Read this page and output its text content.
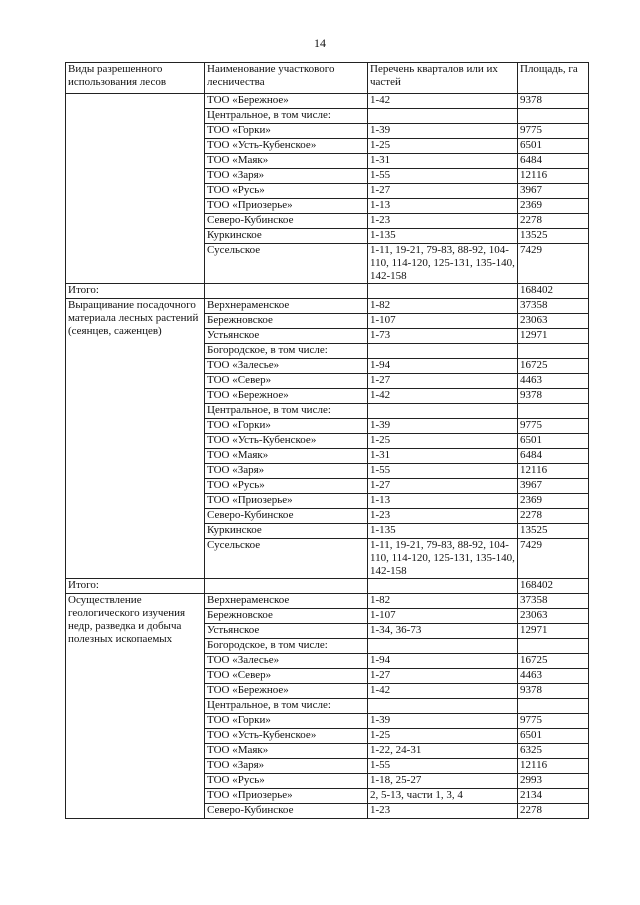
14
Виды разрешенного использования лесов	Наименование участкового лесничества	Перечень кварталов или их частей	Площадь, га
	ТОО «Бережное»	1-42	9378
	Центральное, в том числе:		
	ТОО «Горки»	1-39	9775
	ТОО «Усть-Кубенское»	1-25	6501
	ТОО «Маяк»	1-31	6484
	ТОО «Заря»	1-55	12116
	ТОО «Русь»	1-27	3967
	ТОО «Приозерье»	1-13	2369
	Северо-Кубинское	1-23	2278
	Куркинское	1-135	13525
	Сусельское	1-11, 19-21, 79-83, 88-92, 104-110, 114-120, 125-131, 135-140, 142-158	7429
Итого:			168402
Выращивание посадочного материала лесных растений (сеянцев, саженцев)	Верхнераменское	1-82	37358
	Бережновское	1-107	23063
	Устьянское	1-73	12971
	Богородское, в том числе:		
	ТОО «Залесье»	1-94	16725
	ТОО «Север»	1-27	4463
	ТОО «Бережное»	1-42	9378
	Центральное, в том числе:		
	ТОО «Горки»	1-39	9775
	ТОО «Усть-Кубенское»	1-25	6501
	ТОО «Маяк»	1-31	6484
	ТОО «Заря»	1-55	12116
	ТОО «Русь»	1-27	3967
	ТОО «Приозерье»	1-13	2369
	Северо-Кубинское	1-23	2278
	Куркинское	1-135	13525
	Сусельское	1-11, 19-21, 79-83, 88-92, 104-110, 114-120, 125-131, 135-140, 142-158	7429
Итого:			168402
Осуществление геологического изучения недр, разведка и добыча полезных ископаемых	Верхнераменское	1-82	37358
	Бережновское	1-107	23063
	Устьянское	1-34, 36-73	12971
	Богородское, в том числе:		
	ТОО «Залесье»	1-94	16725
	ТОО «Север»	1-27	4463
	ТОО «Бережное»	1-42	9378
	Центральное, в том числе:		
	ТОО «Горки»	1-39	9775
	ТОО «Усть-Кубенское»	1-25	6501
	ТОО «Маяк»	1-22, 24-31	6325
	ТОО «Заря»	1-55	12116
	ТОО «Русь»	1-18, 25-27	2993
	ТОО «Приозерье»	2, 5-13, части 1, 3, 4	2134
	Северо-Кубинское	1-23	2278
